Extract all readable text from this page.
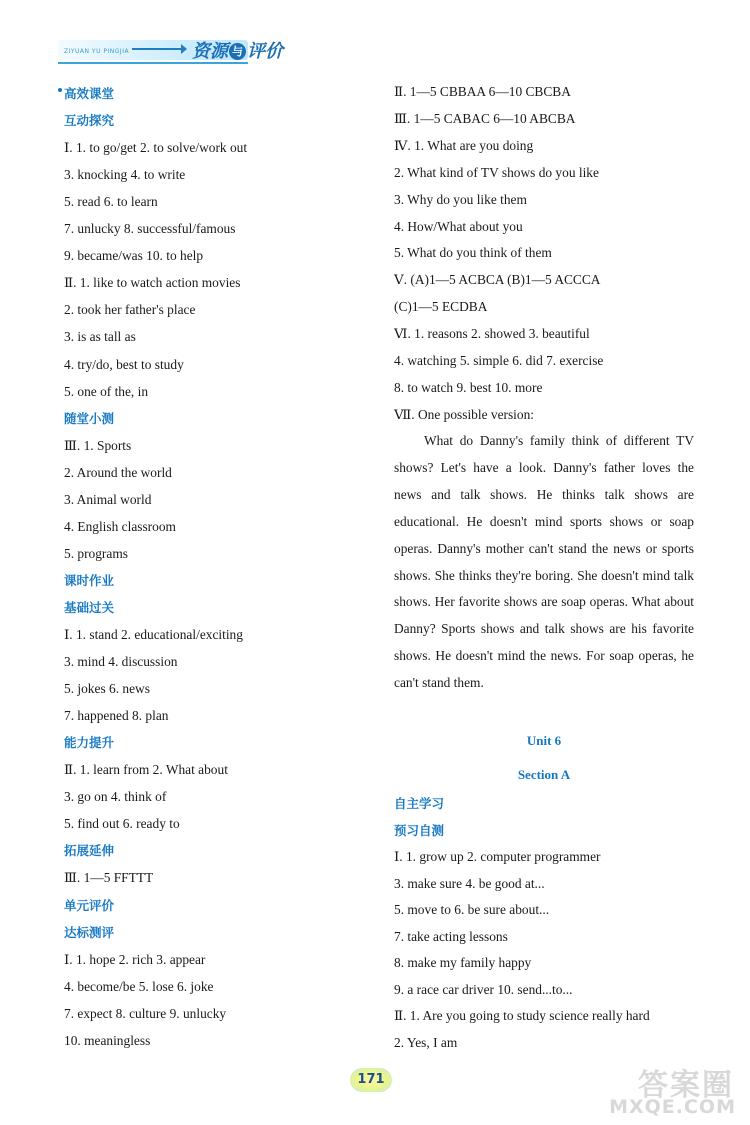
ZIYUAN YU PINGJIA	资源 与 评价
高效课堂
互动探究
Ⅰ. 1. to go/get 2. to solve/work out
3. knocking 4. to write
5. read 6. to learn
7. unlucky 8. successful/famous
9. became/was 10. to help
Ⅱ. 1. like to watch action movies
2. took her father's place
3. is as tall as
4. try/do, best to study
5. one of the, in
随堂小测
Ⅲ. 1. Sports
2. Around the world
3. Animal world
4. English classroom
5. programs
课时作业
基础过关
Ⅰ. 1. stand 2. educational/exciting
3. mind 4. discussion
5. jokes 6. news
7. happened 8. plan
能力提升
Ⅱ. 1. learn from 2. What about
3. go on 4. think of
5. find out 6. ready to
拓展延伸
Ⅲ. 1—5 FFTTT
单元评价
达标测评
Ⅰ. 1. hope 2. rich 3. appear
4. become/be 5. lose 6. joke
7. expect 8. culture 9. unlucky
10. meaningless
Ⅱ. 1—5 CBBAA 6—10 CBCBA
Ⅲ. 1—5 CABAC 6—10 ABCBA
Ⅳ. 1. What are you doing
2. What kind of TV shows do you like
3. Why do you like them
4. How/What about you
5. What do you think of them
Ⅴ. (A)1—5 ACBCA (B)1—5 ACCCA
(C)1—5 ECDBA
Ⅵ. 1. reasons 2. showed 3. beautiful
4. watching 5. simple 6. did 7. exercise
8. to watch 9. best 10. more
Ⅶ. One possible version:
What do Danny's family think of different TV shows? Let's have a look. Danny's father loves the news and talk shows. He thinks talk shows are educational. He doesn't mind sports shows or soap operas. Danny's mother can't stand the news or sports shows. She thinks they're boring. She doesn't mind talk shows. Her favorite shows are soap operas. What about Danny? Sports shows and talk shows are his favorite shows. He doesn't mind the news. For soap operas, he can't stand them.
Unit 6
Section A
自主学习
预习自测
Ⅰ. 1. grow up 2. computer programmer
3. make sure 4. be good at...
5. move to 6. be sure about...
7. take acting lessons
8. make my family happy
9. a race car driver 10. send...to...
Ⅱ. 1. Are you going to study science really hard
2. Yes, I am
171	答案圈
MXQE.COM
